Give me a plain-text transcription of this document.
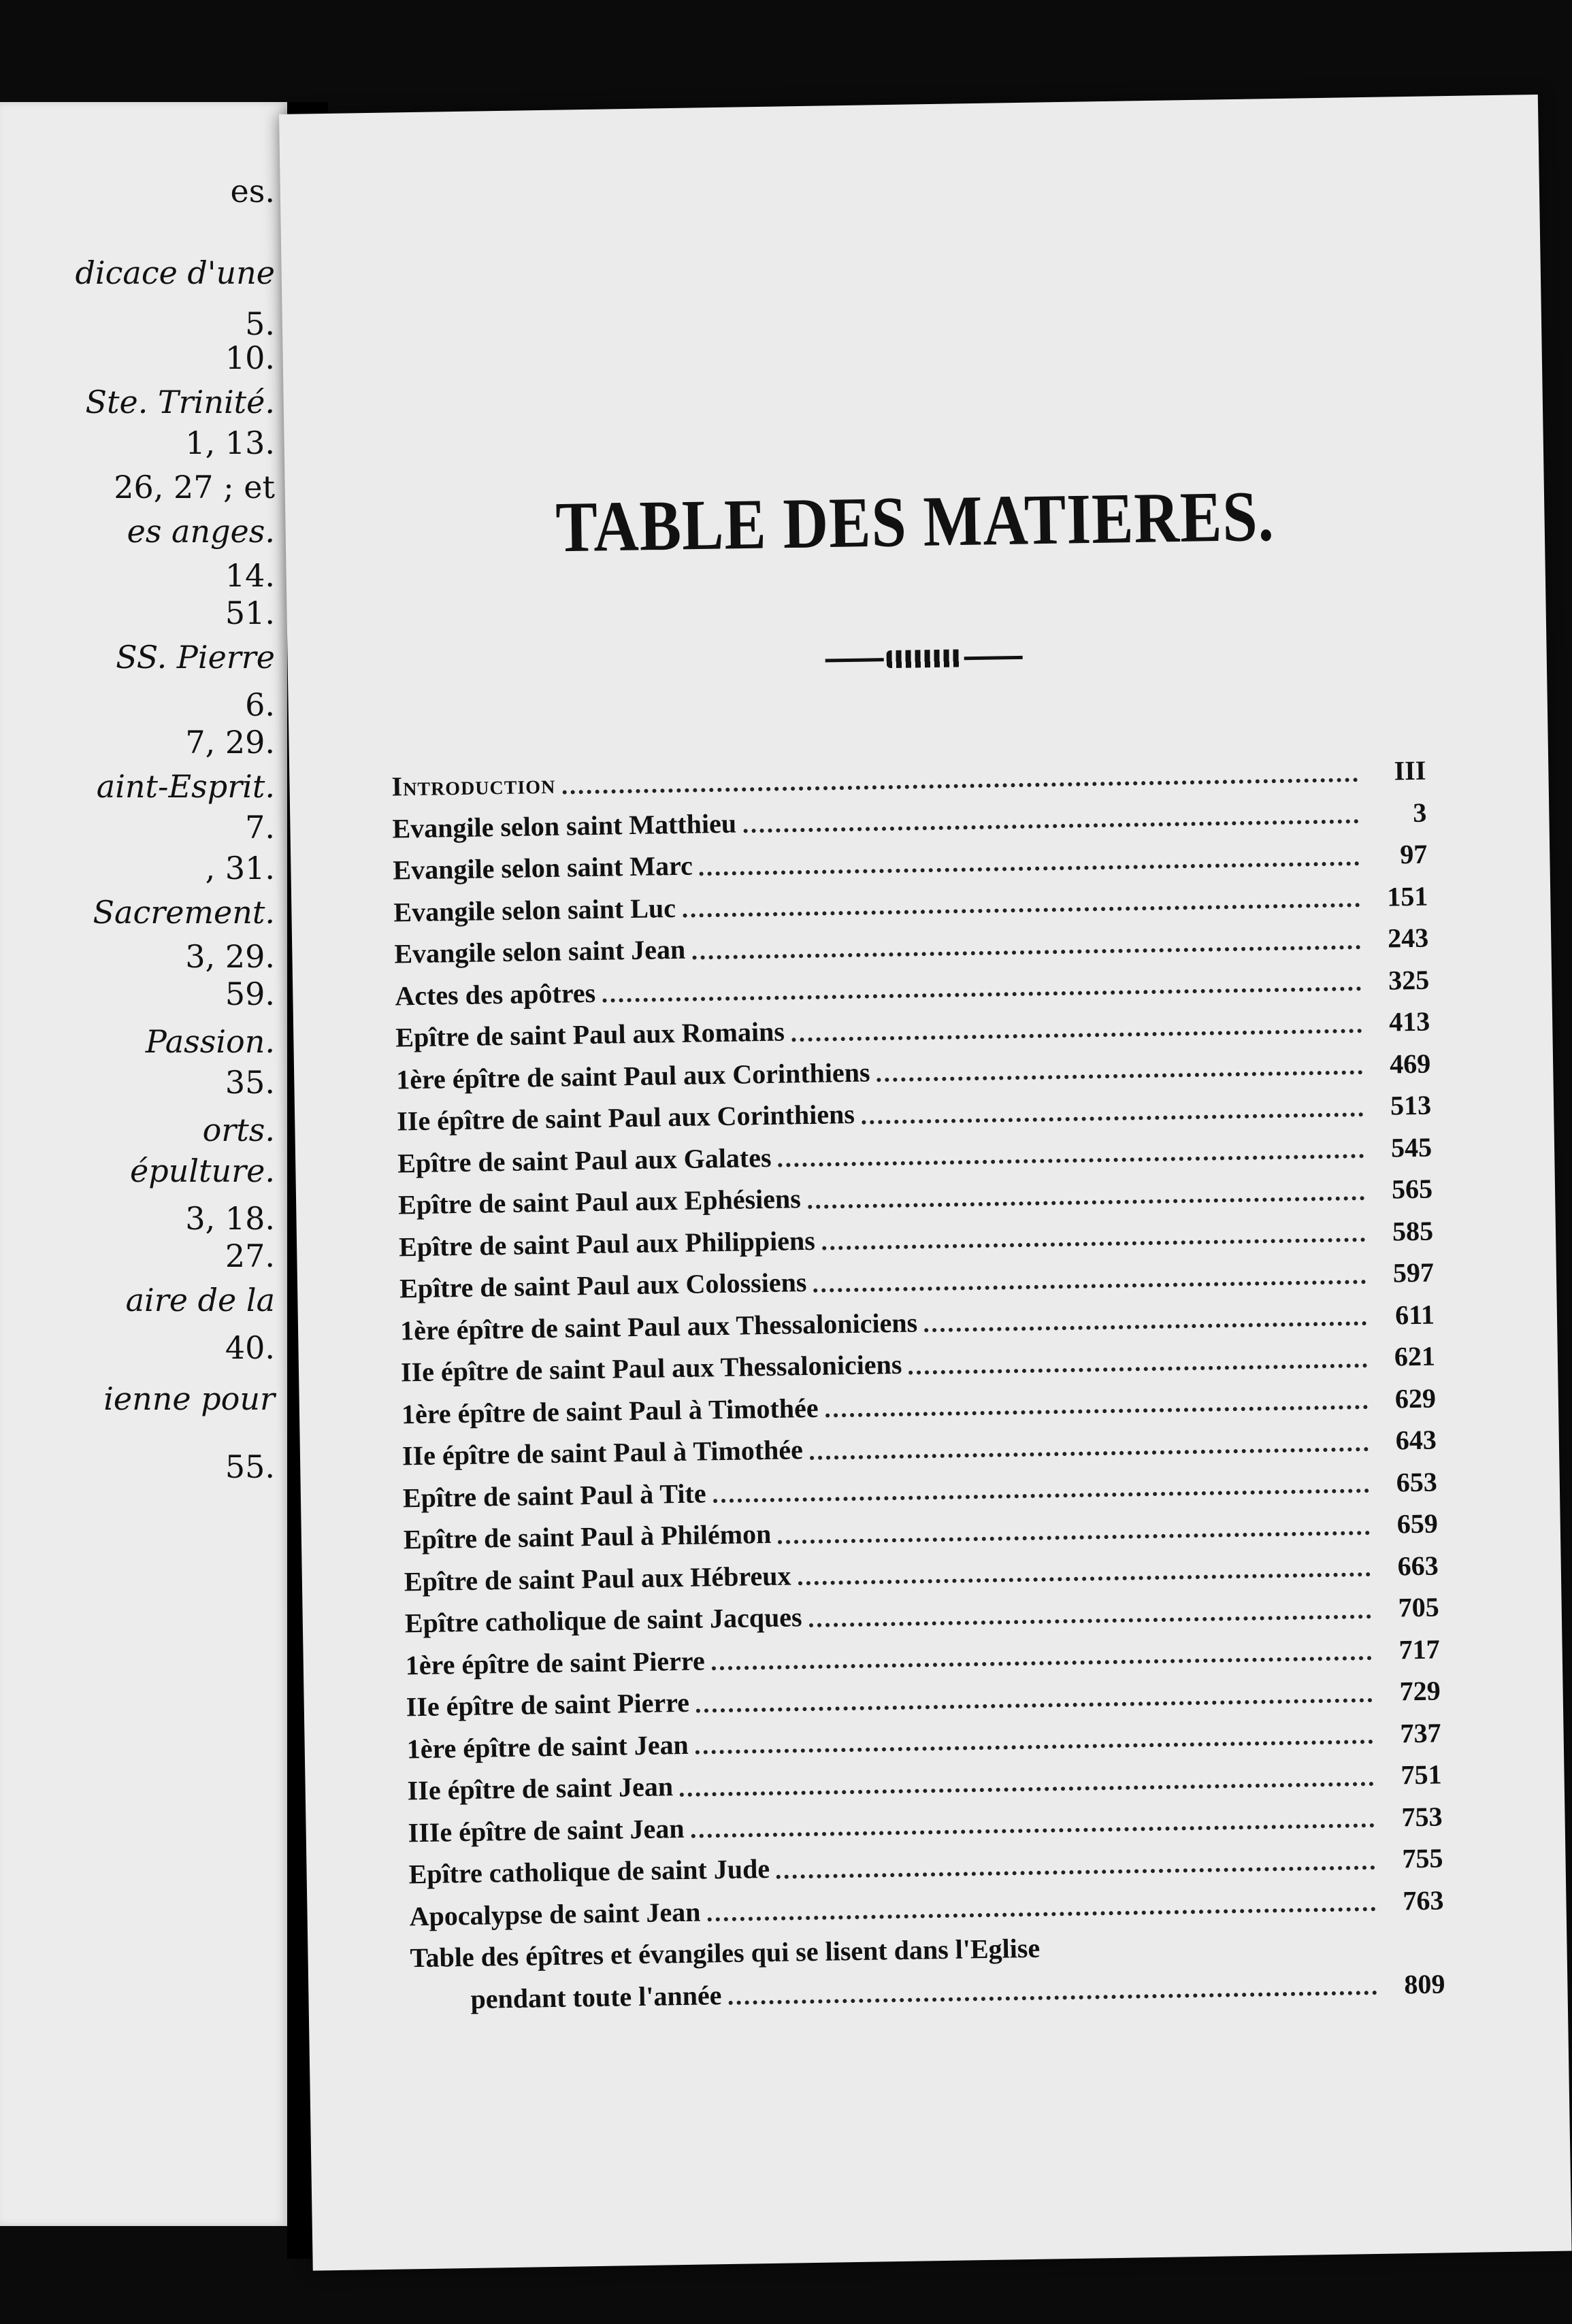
es.
dicace d'une
5.
10.
Ste. Trinité.
1, 13.
26, 27 ; et
es anges.
14.
51.
SS. Pierre
6.
7, 29.
aint-Esprit.
7.
, 31.
Sacrement.
3, 29.
59.
Passion.
35.
orts.
épulture.
3, 18.
27.
aire de la
40.
ienne pour
55.
TABLE DES MATIERES.
Introduction	III
Evangile selon saint Matthieu	3
Evangile selon saint Marc	97
Evangile selon saint Luc	151
Evangile selon saint Jean	243
Actes des apôtres	325
Epître de saint Paul aux Romains	413
1ère épître de saint Paul aux Corinthiens	469
IIe épître de saint Paul aux Corinthiens	513
Epître de saint Paul aux Galates	545
Epître de saint Paul aux Ephésiens	565
Epître de saint Paul aux Philippiens	585
Epître de saint Paul aux Colossiens	597
1ère épître de saint Paul aux Thessaloniciens	611
IIe épître de saint Paul aux Thessaloniciens	621
1ère épître de saint Paul à Timothée	629
IIe épître de saint Paul à Timothée	643
Epître de saint Paul à Tite	653
Epître de saint Paul à Philémon	659
Epître de saint Paul aux Hébreux	663
Epître catholique de saint Jacques	705
1ère épître de saint Pierre	717
IIe épître de saint Pierre	729
1ère épître de saint Jean	737
IIe épître de saint Jean	751
IIIe épître de saint Jean	753
Epître catholique de saint Jude	755
Apocalypse de saint Jean	763
Table des épîtres et évangiles qui se lisent dans l'Eglise
pendant toute l'année	809
